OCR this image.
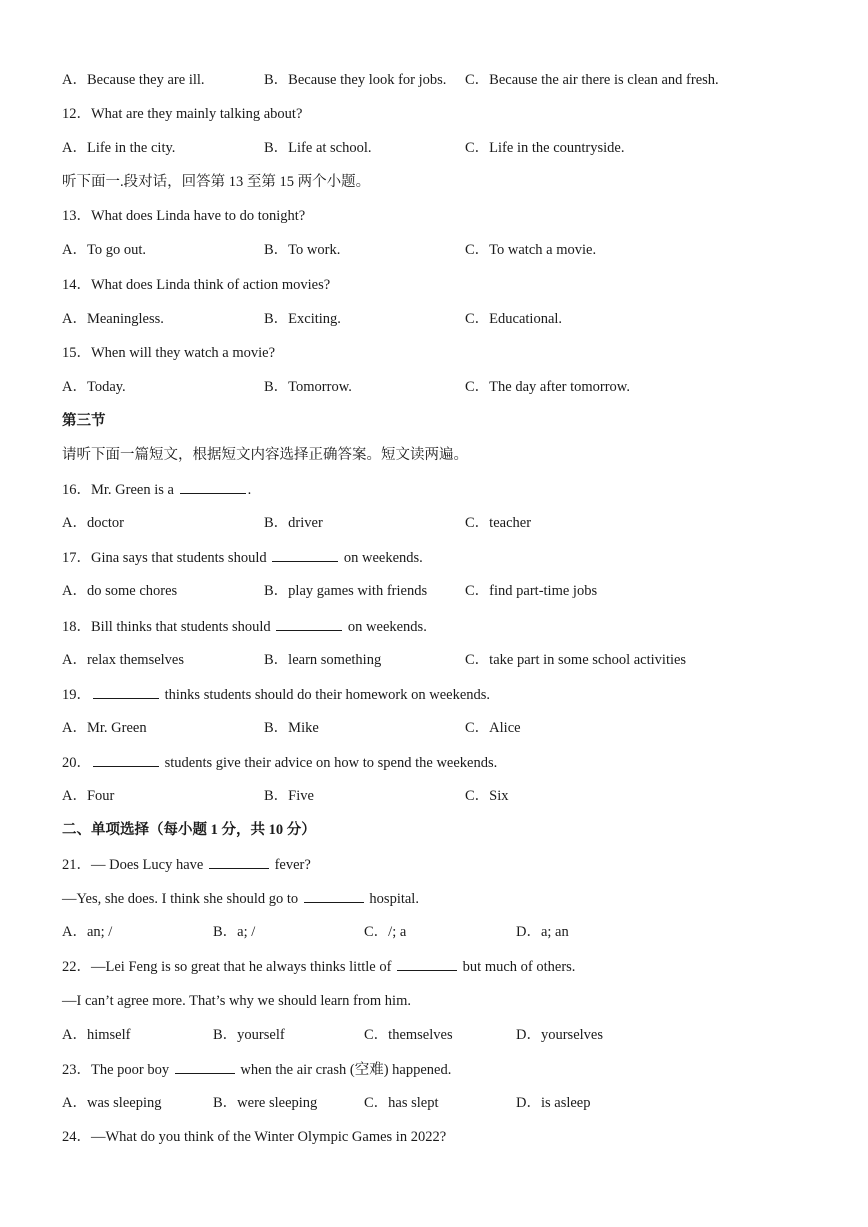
A．Because they are ill.	B．Because they look for jobs. C．Because the air there is clean and fresh.
12．What are they mainly talking about?
A．Life in the city.	B．Life at school.	C．Life in the countryside.
听下面一.段对话，回答第 13 至第 15 两个小题。
13．What does Linda have to do tonight?
A．To go out.	B．To work.	C．To watch a movie.
14．What does Linda think of action movies?
A．Meaningless.	B．Exciting.	C．Educational.
15．When will they watch a movie?
A．Today.	B．Tomorrow.	C．The day after tomorrow.
第三节
请听下面一篇短文，根据短文内容选择正确答案。短文读两遍。
16．Mr. Green is a	.
A．doctor	B．driver	C．teacher
17．Gina says that students should	on weekends.
A．do some chores	B．play games with friends	C．find part-time jobs
18．Bill thinks that students should	on weekends.
A．relax themselves	B．learn something	C．take part in some school activities
19．	thinks students should do their homework on weekends.
A．Mr. Green	B．Mike	C．Alice
20．	students give their advice on how to spend the weekends.
A．Four	B．Five	C．Six
二、单项选择（每小题 1 分，共 10 分）
21．— Does Lucy have	fever?
—Yes, she does. I think she should go to	hospital.
A．an; /	B．a; /	C．/; a	D．a; an
22．—Lei Feng is so great that he always thinks little of	but much of others.
—I can’t agree more. That’s why we should learn from him.
A．himself	B．yourself	C．themselves	D．yourselves
23．The poor boy	when the air crash (空难) happened.
A．was sleeping	B．were sleeping	C．has slept	D．is asleep
24．—What do you think of the Winter Olympic Games in 2022?
